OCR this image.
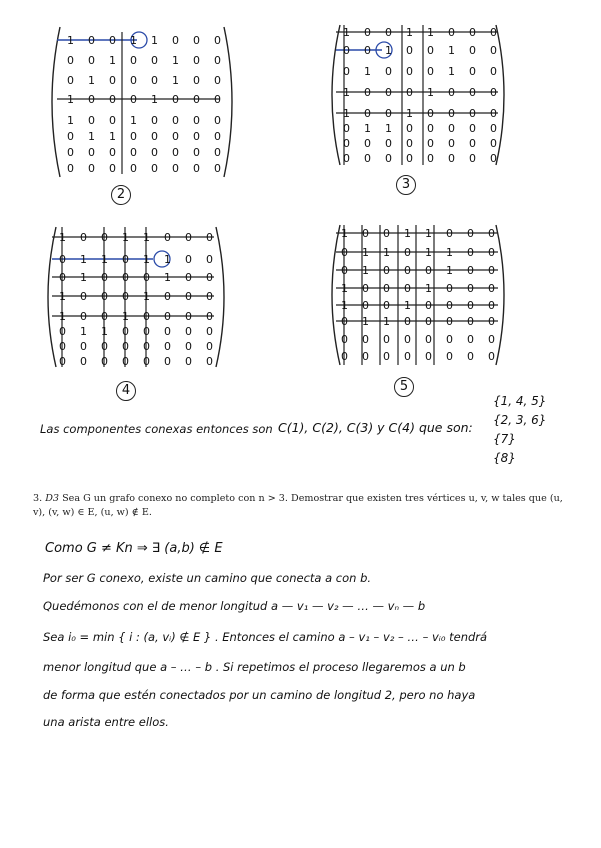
1 0 0 1 1 0 0 0
0 0 1 0 0 1 0 0
0 1 0 0 0 1 0 0
1 0 0 0 1 0 0 0
1 0 0 1 0 0 0 0
0 1 1 0 0 0 0 0
0 0 0 0 0 0 0 0
0 0 0 0 0 0 0 0
2
1 0 0 1 1 0 0 0
0 0 1 0 0 1 0 0
0 1 0 0 0 1 0 0
1 0 0 0 1 0 0 0
1 0 0 1 0 0 0 0
0 1 1 0 0 0 0 0
0 0 0 0 0 0 0 0
0 0 0 0 0 0 0 0
3
1 0 0 1 1 0 0 0
0 1 1 0 1 1 0 0
0 1 0 0 0 1 0 0
1 0 0 0 1 0 0 0
1 0 0 1 0 0 0 0
0 1 1 0 0 0 0 0
0 0 0 0 0 0 0 0
0 0 0 0 0 0 0 0
4
1 0 0 1 1 0 0 0
0 1 1 0 1 1 0 0
0 1 0 0 0 1 0 0
1 0 0 0 1 0 0 0
1 0 0 1 0 0 0 0
0 1 1 0 0 0 0 0
0 0 0 0 0 0 0 0
0 0 0 0 0 0 0 0
5
Las componentes conexas entonces son C(1), C(2), C(3) y C(4) que son:
{1, 4, 5}
{2, 3, 6}
{7}
{8}
3. D3 Sea G un grafo conexo no completo con n > 3. Demostrar que existen tres vértices u, v, w tales que (u, v), (v, w) ∈ E, (u, w) ∉ E.
Como G ≠ Kn ⇒ ∃ (a,b) ∉ E
Por ser G conexo, existe un camino que conecta a con b.
Quedémonos con el de menor longitud a — v₁ — v₂ — … — vₙ — b
Sea i₀ = min { i : (a, vᵢ) ∉ E } . Entonces el camino a – v₁ – v₂ – … – vᵢ₀ tendrá
menor longitud que a – … – b . Si repetimos el proceso llegaremos a un b
de forma que estén conectados por un camino de longitud 2, pero no haya
una arista entre ellos.
